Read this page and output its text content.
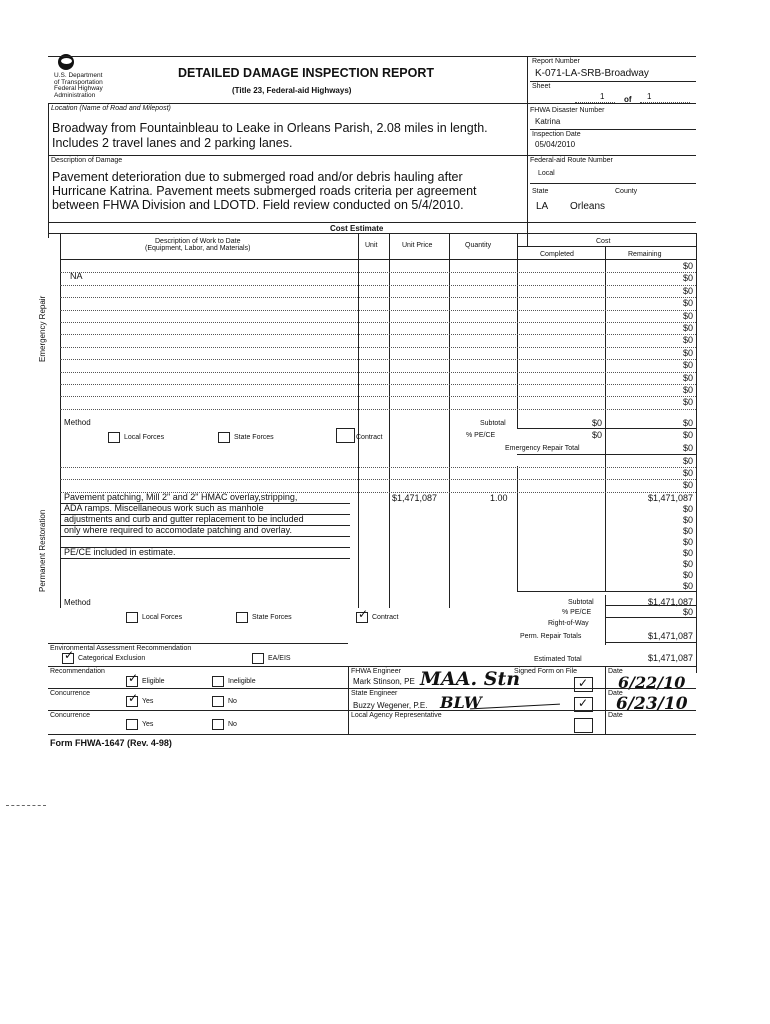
U.S. Department
of Transportation
Federal Highway
Administration
DETAILED DAMAGE INSPECTION REPORT
(Title 23, Federal-aid Highways)
Report Number
K-071-LA-SRB-Broadway
Sheet
1 of 1
FHWA Disaster Number
Katrina
Inspection Date
05/04/2010
Federal-aid Route Number
Local
State	County
LA Orleans
Location (Name of Road and Milepost)
Broadway from Fountainbleau to Leake in Orleans Parish, 2.08 miles in length.
Includes 2 travel lanes and 2 parking lanes.
Description of Damage
Pavement deterioration due to submerged road and/or debris hauling after
Hurricane Katrina. Pavement meets submerged roads criteria per agreement
between FHWA Division and LDOTD. Field review conducted on 5/4/2010.
Cost Estimate
Description of Work to Date
(Equipment, Labor, and Materials)	Unit	Unit Price	Quantity
Cost
Completed	Remaining
Emergency Repair
NA
$0
$0
$0
$0
$0
$0
$0
$0
$0
$0
$0
$0
Method
Local Forces	State Forces	Contract
Subtotal	$0	$0
% PE/CE	$0	$0
Emergency Repair Total	$0
Permanent Restoration
$0
$0
$0
Pavement patching, Mill 2" and 2" HMAC overlay,stripping,
ADA ramps. Miscellaneous work such as manhole
adjustments and curb and gutter replacement to be included
only where required to accomodate patching and overlay.
PE/CE included in estimate.
$0
$0
$0
$0
$0
$0
$0
$0
$1,471,087	1.00	$1,471,087
Method
Local Forces	State Forces	✓ Contract
Subtotal	$1,471,087
% PE/CE	$0
Right-of-Way
Perm. Repair Totals	$1,471,087
Environmental Assessment Recommendation
✓ Categorical Exclusion	EA/EIS	Estimated Total	$1,471,087
Recommendation ✓ Eligible	Ineligible
Concurrence	✓ Yes	No
Concurrence
Yes	No
FHWA Engineer
Mark Stinson, PE MAA. Stn
Signed Form on File
✓
Date
6/22/10
State Engineer
Buzzy Wegener, P.E. BLW	✓
Date
6/23/10
Local Agency Representative	Date
Form FHWA-1647 (Rev. 4-98)
